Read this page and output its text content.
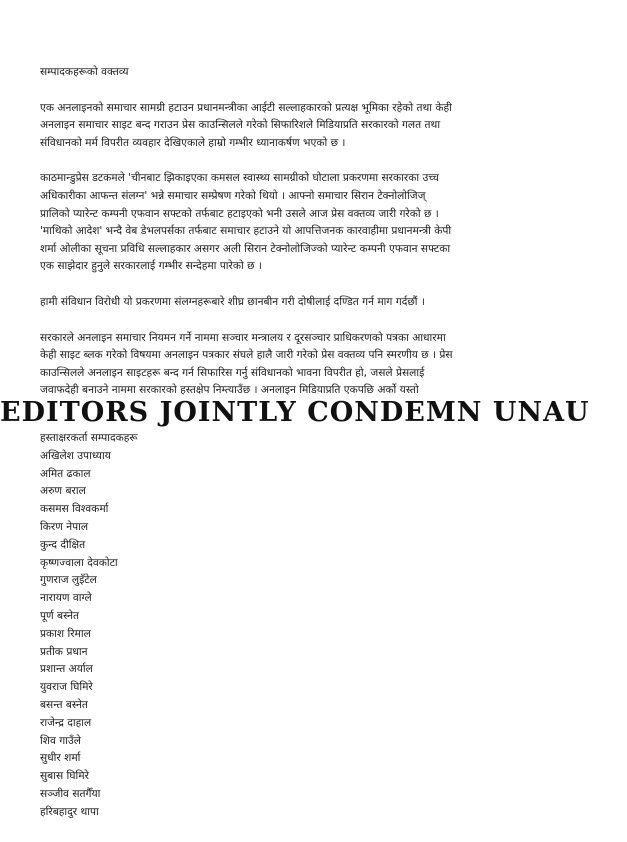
सम्पादकहरूको वक्तव्य

एक अनलाइनको समाचार सामग्री हटाउन प्रधानमन्त्रीका आईटी सल्लाहकारको प्रत्यक्ष भूमिका रहेको तथा केही
अनलाइन समाचार साइट बन्द गराउन प्रेस काउन्सिलले गरेको सिफारिशले मिडियाप्रति सरकारको गलत तथा
संविधानको मर्म विपरीत व्यवहार देखिएकाले हाम्रो गम्भीर ध्यानाकर्षण भएको छ ।

काठमान्डुप्रेस डटकमले 'चीनबाट झिकाइएका कमसल स्वास्थ्य सामग्रीको घोटाला प्रकरणमा सरकारका उच्च
अधिकारीका आफन्त संलग्न' भन्ने समाचार सम्प्रेषण गरेको थियो । आफ्नो समाचार सिरान टेक्नोलोजिज्
प्रालिको प्यारेन्ट कम्पनी एफवान सफ्टको तर्फबाट हटाइएको भनी उसले आज प्रेस वक्तव्य जारी गरेको छ ।
'माथिको आदेश' भन्दै वेब डेभलपर्सका तर्फबाट समाचार हटाउने यो आपत्तिजनक कारवाहीमा प्रधानमन्त्री केपी
शर्मा ओलीका सूचना प्रविधि सल्लाहकार असगर अली सिरान टेक्नोलोजिज्को प्यारेन्ट कम्पनी एफवान सफ्टका
एक साझेदार हुनुले सरकारलाई गम्भीर सन्देहमा पारेको छ ।

हामी संविधान विरोधी यो प्रकरणमा संलग्नहरूबारे शीघ्र छानबीन गरी दोषीलाई दण्डित गर्न माग गर्दछौं ।

सरकारले अनलाइन समाचार नियमन गर्ने नाममा सञ्चार मन्त्रालय र दूरसञ्चार प्राधिकरणको पत्रका आधारमा
केही साइट ब्लक गरेको विषयमा अनलाइन पत्रकार संघले हालै जारी गरेको प्रेस वक्तव्य पनि स्मरणीय छ । प्रेस
काउन्सिलले अनलाइन साइटहरू बन्द गर्न सिफारिस गर्नु संविधानको भावना विपरीत हो, जसले प्रेसलाई
जवाफदेही बनाउने नाममा सरकारको हस्तक्षेप निम्त्याउँछ । अनलाइन मिडियाप्रति एकपछि अर्को यस्तो

EDITORS JOINTLY CONDEMN UNAU
हस्ताक्षरकर्ता सम्पादकहरू
अखिलेश उपाध्याय
अमित ढकाल
अरुण बराल
कसमस विश्वकर्मा
किरण नेपाल
कुन्द दीक्षित
कृष्णज्वाला देवकोटा
गुणराज लुइँटेल
नारायण वाग्ले
पूर्ण बस्नेत
प्रकाश रिमाल
प्रतीक प्रधान
प्रशान्त अर्याल
युवराज घिमिरे
बसन्त बस्नेत
राजेन्द्र दाहाल
शिव गाउँले
सुधीर शर्मा
सुबास घिमिरे
सञ्जीव सतगैँया
हरिबहादुर थापा
